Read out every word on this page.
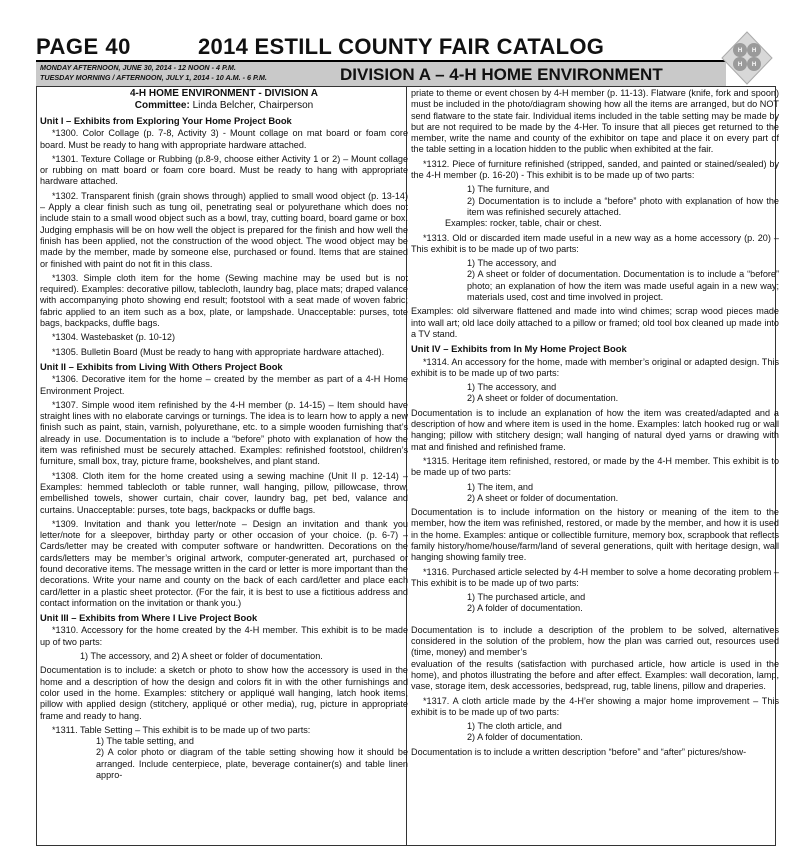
PAGE 40	2014 ESTILL COUNTY FAIR CATALOG
MONDAY AFTERNOON, JUNE 30, 2014 - 12 NOON - 4 P.M.
TUESDAY MORNING / AFTERNOON, JULY 1, 2014 - 10 A.M. - 6 P.M.	DIVISION A – 4-H HOME ENVIRONMENT
H H
H H
4-H HOME ENVIRONMENT - DIVISION A
Committee: Linda Belcher, Chairperson
Unit I – Exhibits from Exploring Your Home Project Book

*1300. Color Collage (p. 7-8, Activity 3) - Mount collage on mat board or foam core board. Must be ready to hang with appropriate hardware attached.

*1301. Texture Collage or Rubbing (p.8-9, choose either Activity 1 or 2) – Mount collage or rubbing on matt board or foam core board. Must be ready to hang with appropriate hardware attached.

*1302. Transparent finish (grain shows through) applied to small wood object (p. 13-14) – Apply a clear finish such as tung oil, penetrating seal or polyurethane which does not include stain to a small wood object such as a bowl, tray, cutting board, board game or box. Judging emphasis will be on how well the object is prepared for the finish and how well the finish has been applied, not the construction of the wood object. The wood object may be made by the member, made by someone else, purchased or found. Items that are stained or finished with paint do not fit in this class.

*1303. Simple cloth item for the home (Sewing machine may be used but is not required). Examples: decorative pillow, tablecloth, laundry bag, place mats; draped valance with accompanying photo showing end result; footstool with a seat made of woven fabric; fabric applied to an item such as a box, plate, or lampshade. Unacceptable: purses, tote bags, backpacks, duffle bags.

*1304. Wastebasket (p. 10-12)

*1305. Bulletin Board (Must be ready to hang with appropriate hardware attached).

Unit II – Exhibits from Living With Others Project Book

*1306. Decorative item for the home – created by the member as part of a 4-H Home Environment Project.

*1307. Simple wood item refinished by the 4-H member (p. 14-15) – Item should have straight lines with no elaborate carvings or turnings. The idea is to learn how to apply a new finish such as paint, stain, varnish, polyurethane, etc. to a simple wooden furnishing that’s already in use. Documentation is to include a “before” photo with explanation of how the item was refinished must be securely attached. Examples: refinished footstool, children’s furniture, small box, tray, picture frame, bookshelves, and plant stand.

*1308. Cloth item for the home created using a sewing machine (Unit II p. 12-14) – Examples: hemmed tablecloth or table runner, wall hanging, pillow, pillowcase, throw, embellished towels, shower curtain, chair cover, laundry bag, pet bed, valance and curtains. Unacceptable: purses, tote bags, backpacks or duffle bags.

*1309. Invitation and thank you letter/note – Design an invitation and thank you letter/note for a sleepover, birthday party or other occasion of your choice. (p. 6-7) – Cards/letter may be created with computer software or handwritten. Decorations on the cards/letters may be member’s original artwork, computer-generated art, purchased or found decorative items. The message written in the card or letter is more important than the decorations. Write your name and county on the back of each card/letter and place each card/letter in a plastic sheet protector. (For the fair, it is best to use a fictitious address and contact information on the invitation or thank you.)

Unit III – Exhibits from Where I Live Project Book

*1310. Accessory for the home created by the 4-H member. This exhibit is to be made up of two parts:

1) The accessory, and 2) A sheet or folder of documentation.

Documentation is to include: a sketch or photo to show how the accessory is used in the home and a description of how the design and colors fit in with the other furnishings and color used in the home. Examples: stitchery or appliqué wall hanging, latch hook items, pillow with applied design (stitchery, appliqué or other media), rug, picture in appropriate frame and ready to hang.

*1311. Table Setting – This exhibit is to be made up of two parts:

1) The table setting, and

2) A color photo or diagram of the table setting showing how it should be arranged. Include centerpiece, plate, beverage container(s) and table linen appro-

priate to theme or event chosen by 4-H member (p. 11-13). Flatware (knife, fork and spoon) must be included in the photo/diagram showing how all the items are arranged, but do NOT send flatware to the state fair. Individual items included in the table setting may be made by but are not required to be made by the 4-Her. To insure that all pieces get returned to the member, write the name and county of the exhibitor on tape and place it on every part of the table setting in a location hidden to the public when exhibited at the fair.

*1312. Piece of furniture refinished (stripped, sanded, and painted or stained/sealed) by the 4-H member (p. 16-20) - This exhibit is to be made up of two parts:

1) The furniture, and

2) Documentation is to include a “before” photo with explanation of how the item was refinished securely attached.

Examples: rocker, table, chair or chest.

*1313. Old or discarded item made useful in a new way as a home accessory (p. 20) – This exhibit is to be made up of two parts:

1) The accessory, and

2) A sheet or folder of documentation. Documentation is to include a “before” photo; an explanation of how the item was made useful again in a new way; materials used, cost and time involved in project.

Examples: old silverware flattened and made into wind chimes; scrap wood pieces made into wall art; old lace doily attached to a pillow or framed; old tool box cleaned up made into a TV stand.

Unit IV – Exhibits from In My Home Project Book

*1314. An accessory for the home, made with member’s original or adapted design. This exhibit is to be made up of two parts:

1) The accessory, and

2) A sheet or folder of documentation.

Documentation is to include an explanation of how the item was created/adapted and a description of how and where item is used in the home. Examples: latch hooked rug or wall hanging; pillow with stitchery design; wall hanging of natural dyed yarns or drawing with mat and finished and refinished frame.

*1315. Heritage item refinished, restored, or made by the 4-H member. This exhibit is to be made up of two parts:

1) The item, and

2) A sheet or folder of documentation.

Documentation is to include information on the history or meaning of the item to the member, how the item was refinished, restored, or made by the member, and how it is used in the home. Examples: antique or collectible furniture, memory box, scrapbook that reflects family history/home/house/farm/land of several generations, quilt with heritage design, wall hanging showing family tree.

*1316. Purchased article selected by 4-H member to solve a home decorating problem – This exhibit is to be made up of two parts:

1) The purchased article, and

2) A folder of documentation.

Documentation is to include a description of the problem to be solved, alternatives considered in the solution of the problem, how the plan was carried out, resources used (time, money) and member’s

evaluation of the results (satisfaction with purchased article, how article is used in the home), and photos illustrating the before and after effect. Examples: wall decoration, lamp, vase, storage item, desk accessories, bedspread, rug, table linens, pillow and draperies.

*1317. A cloth article made by the 4-H’er showing a major home improvement – This exhibit is to be made up of two parts:

1) The cloth article, and

2) A folder of documentation.

Documentation is to include a written description “before” and “after” pictures/show-
